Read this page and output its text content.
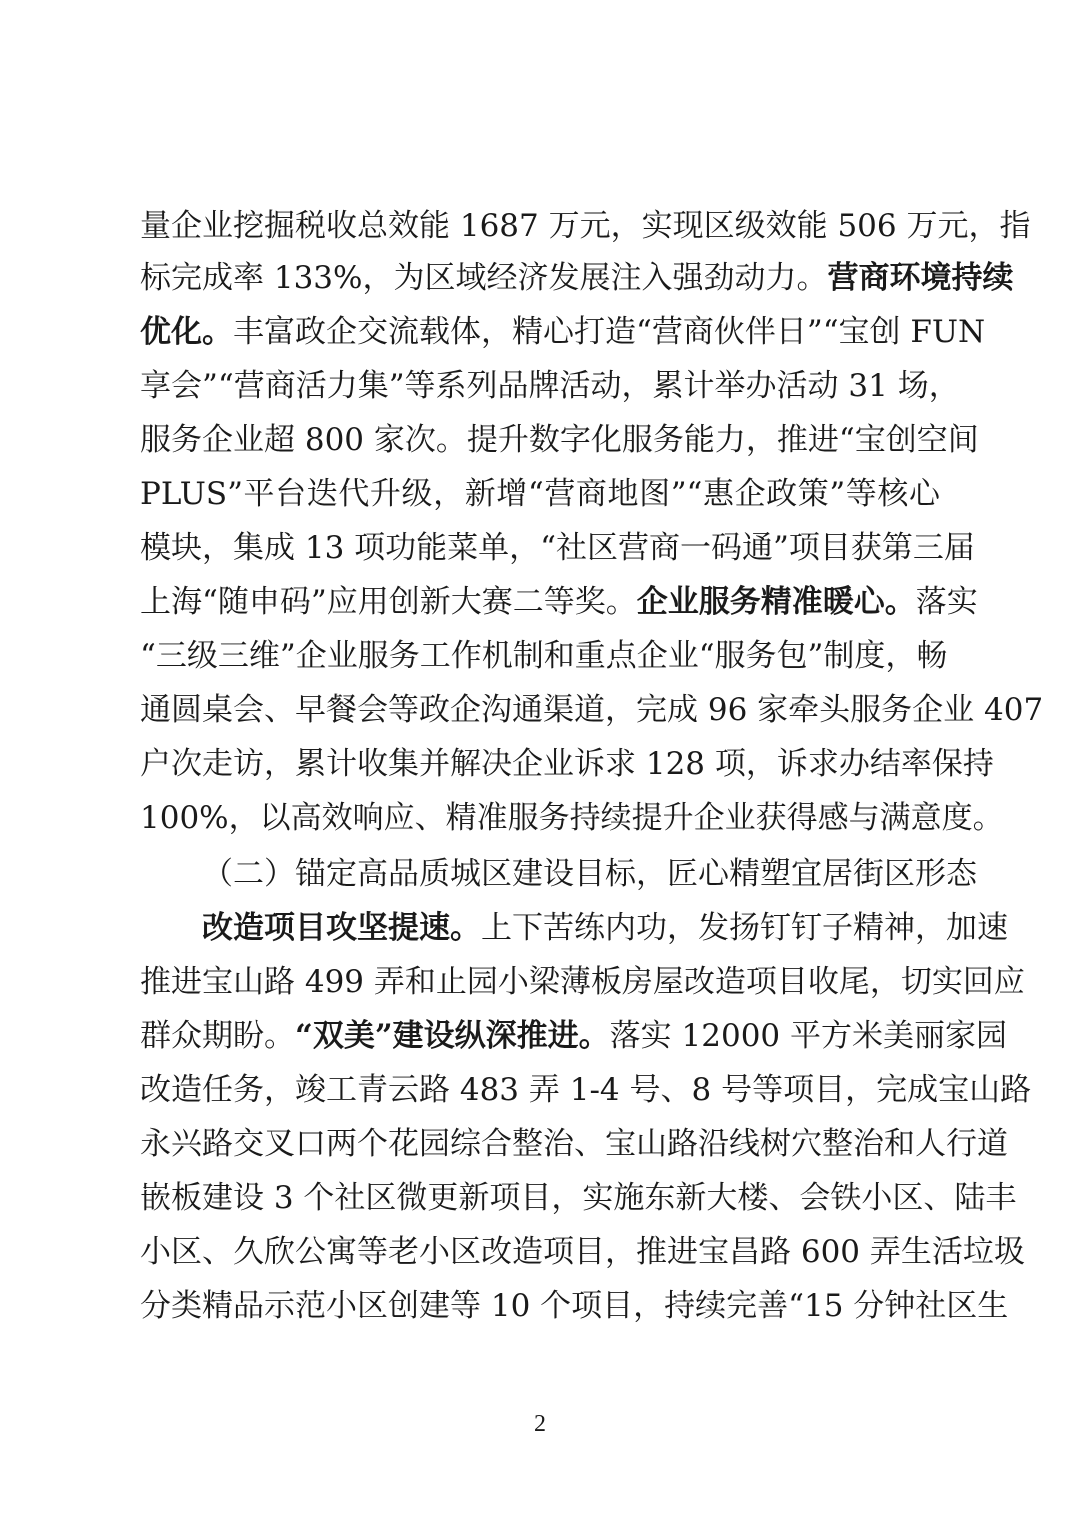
量企业挖掘税收总效能 1687 万元，实现区级效能 506 万元，指
标完成率 133%，为区域经济发展注入强劲动力。营商环境持续
优化。丰富政企交流载体，精心打造“营商伙伴日”“宝创 FUN
享会”“营商活力集”等系列品牌活动，累计举办活动 31 场，
服务企业超 800 家次。提升数字化服务能力，推进“宝创空间
PLUS”平台迭代升级，新增“营商地图”“惠企政策”等核心
模块，集成 13 项功能菜单，“社区营商一码通”项目获第三届
上海“随申码”应用创新大赛二等奖。企业服务精准暖心。落实
“三级三维”企业服务工作机制和重点企业“服务包”制度，畅
通圆桌会、早餐会等政企沟通渠道，完成 96 家牵头服务企业 407
户次走访，累计收集并解决企业诉求 128 项，诉求办结率保持
100%，以高效响应、精准服务持续提升企业获得感与满意度。
（二）锚定高品质城区建设目标，匠心精塑宜居街区形态
改造项目攻坚提速。上下苦练内功，发扬钉钉子精神，加速
推进宝山路 499 弄和止园小梁薄板房屋改造项目收尾，切实回应
群众期盼。“双美”建设纵深推进。落实 12000 平方米美丽家园
改造任务，竣工青云路 483 弄 1-4 号、8 号等项目，完成宝山路
永兴路交叉口两个花园综合整治、宝山路沿线树穴整治和人行道
嵌板建设 3 个社区微更新项目，实施东新大楼、会铁小区、陆丰
小区、久欣公寓等老小区改造项目，推进宝昌路 600 弄生活垃圾
分类精品示范小区创建等 10 个项目，持续完善“15 分钟社区生
2
